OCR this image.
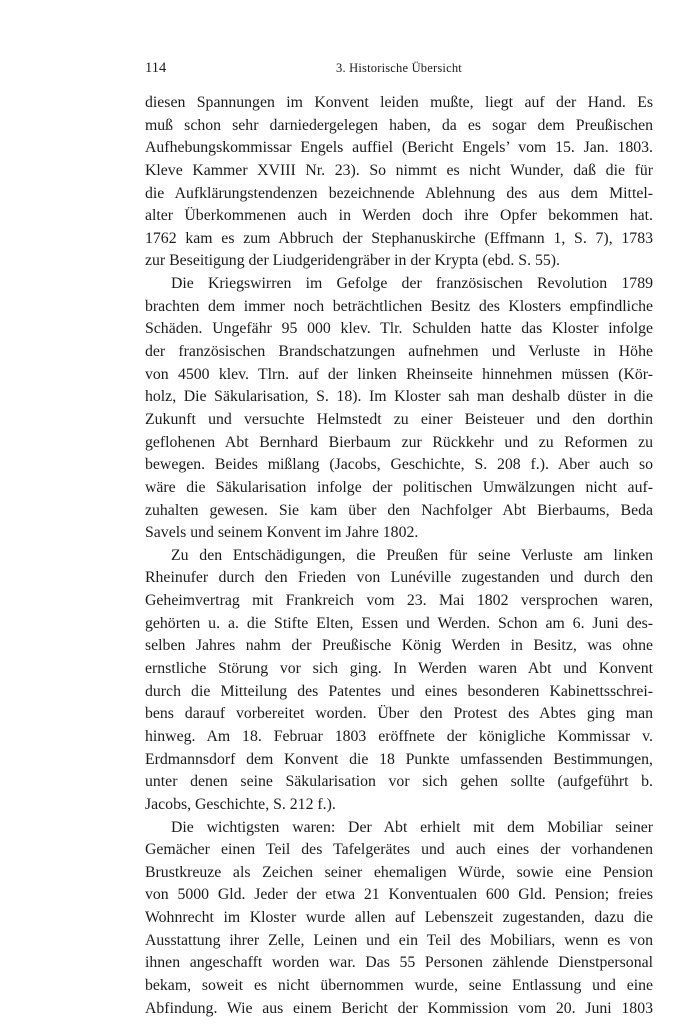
114	3. Historische Übersicht
diesen Spannungen im Konvent leiden mußte, liegt auf der Hand. Es
muß schon sehr darniedergelegen haben, da es sogar dem Preußischen
Aufhebungskommissar Engels auffiel (Bericht Engels’ vom 15. Jan. 1803.
Kleve Kammer XVIII Nr. 23). So nimmt es nicht Wunder, daß die für
die Aufklärungstendenzen bezeichnende Ablehnung des aus dem Mittel-
alter Überkommenen auch in Werden doch ihre Opfer bekommen hat.
1762 kam es zum Abbruch der Stephanuskirche (Effmann 1, S. 7), 1783
zur Beseitigung der Liudgeridengräber in der Krypta (ebd. S. 55).
Die Kriegswirren im Gefolge der französischen Revolution 1789
brachten dem immer noch beträchtlichen Besitz des Klosters empfindliche
Schäden. Ungefähr 95 000 klev. Tlr. Schulden hatte das Kloster infolge
der französischen Brandschatzungen aufnehmen und Verluste in Höhe
von 4500 klev. Tlrn. auf der linken Rheinseite hinnehmen müssen (Kör-
holz, Die Säkularisation, S. 18). Im Kloster sah man deshalb düster in die
Zukunft und versuchte Helmstedt zu einer Beisteuer und den dorthin
geflohenen Abt Bernhard Bierbaum zur Rückkehr und zu Reformen zu
bewegen. Beides mißlang (Jacobs, Geschichte, S. 208 f.). Aber auch so
wäre die Säkularisation infolge der politischen Umwälzungen nicht auf-
zuhalten gewesen. Sie kam über den Nachfolger Abt Bierbaums, Beda
Savels und seinem Konvent im Jahre 1802.
Zu den Entschädigungen, die Preußen für seine Verluste am linken
Rheinufer durch den Frieden von Lunéville zugestanden und durch den
Geheimvertrag mit Frankreich vom 23. Mai 1802 versprochen waren,
gehörten u. a. die Stifte Elten, Essen und Werden. Schon am 6. Juni des-
selben Jahres nahm der Preußische König Werden in Besitz, was ohne
ernstliche Störung vor sich ging. In Werden waren Abt und Konvent
durch die Mitteilung des Patentes und eines besonderen Kabinettsschrei-
bens darauf vorbereitet worden. Über den Protest des Abtes ging man
hinweg. Am 18. Februar 1803 eröffnete der königliche Kommissar v.
Erdmannsdorf dem Konvent die 18 Punkte umfassenden Bestimmungen,
unter denen seine Säkularisation vor sich gehen sollte (aufgeführt b.
Jacobs, Geschichte, S. 212 f.).
Die wichtigsten waren: Der Abt erhielt mit dem Mobiliar seiner
Gemächer einen Teil des Tafelgerätes und auch eines der vorhandenen
Brustkreuze als Zeichen seiner ehemaligen Würde, sowie eine Pension
von 5000 Gld. Jeder der etwa 21 Konventualen 600 Gld. Pension; freies
Wohnrecht im Kloster wurde allen auf Lebenszeit zugestanden, dazu die
Ausstattung ihrer Zelle, Leinen und ein Teil des Mobiliars, wenn es von
ihnen angeschafft worden war. Das 55 Personen zählende Dienstpersonal
bekam, soweit es nicht übernommen wurde, seine Entlassung und eine
Abfindung. Wie aus einem Bericht der Kommission vom 20. Juni 1803
